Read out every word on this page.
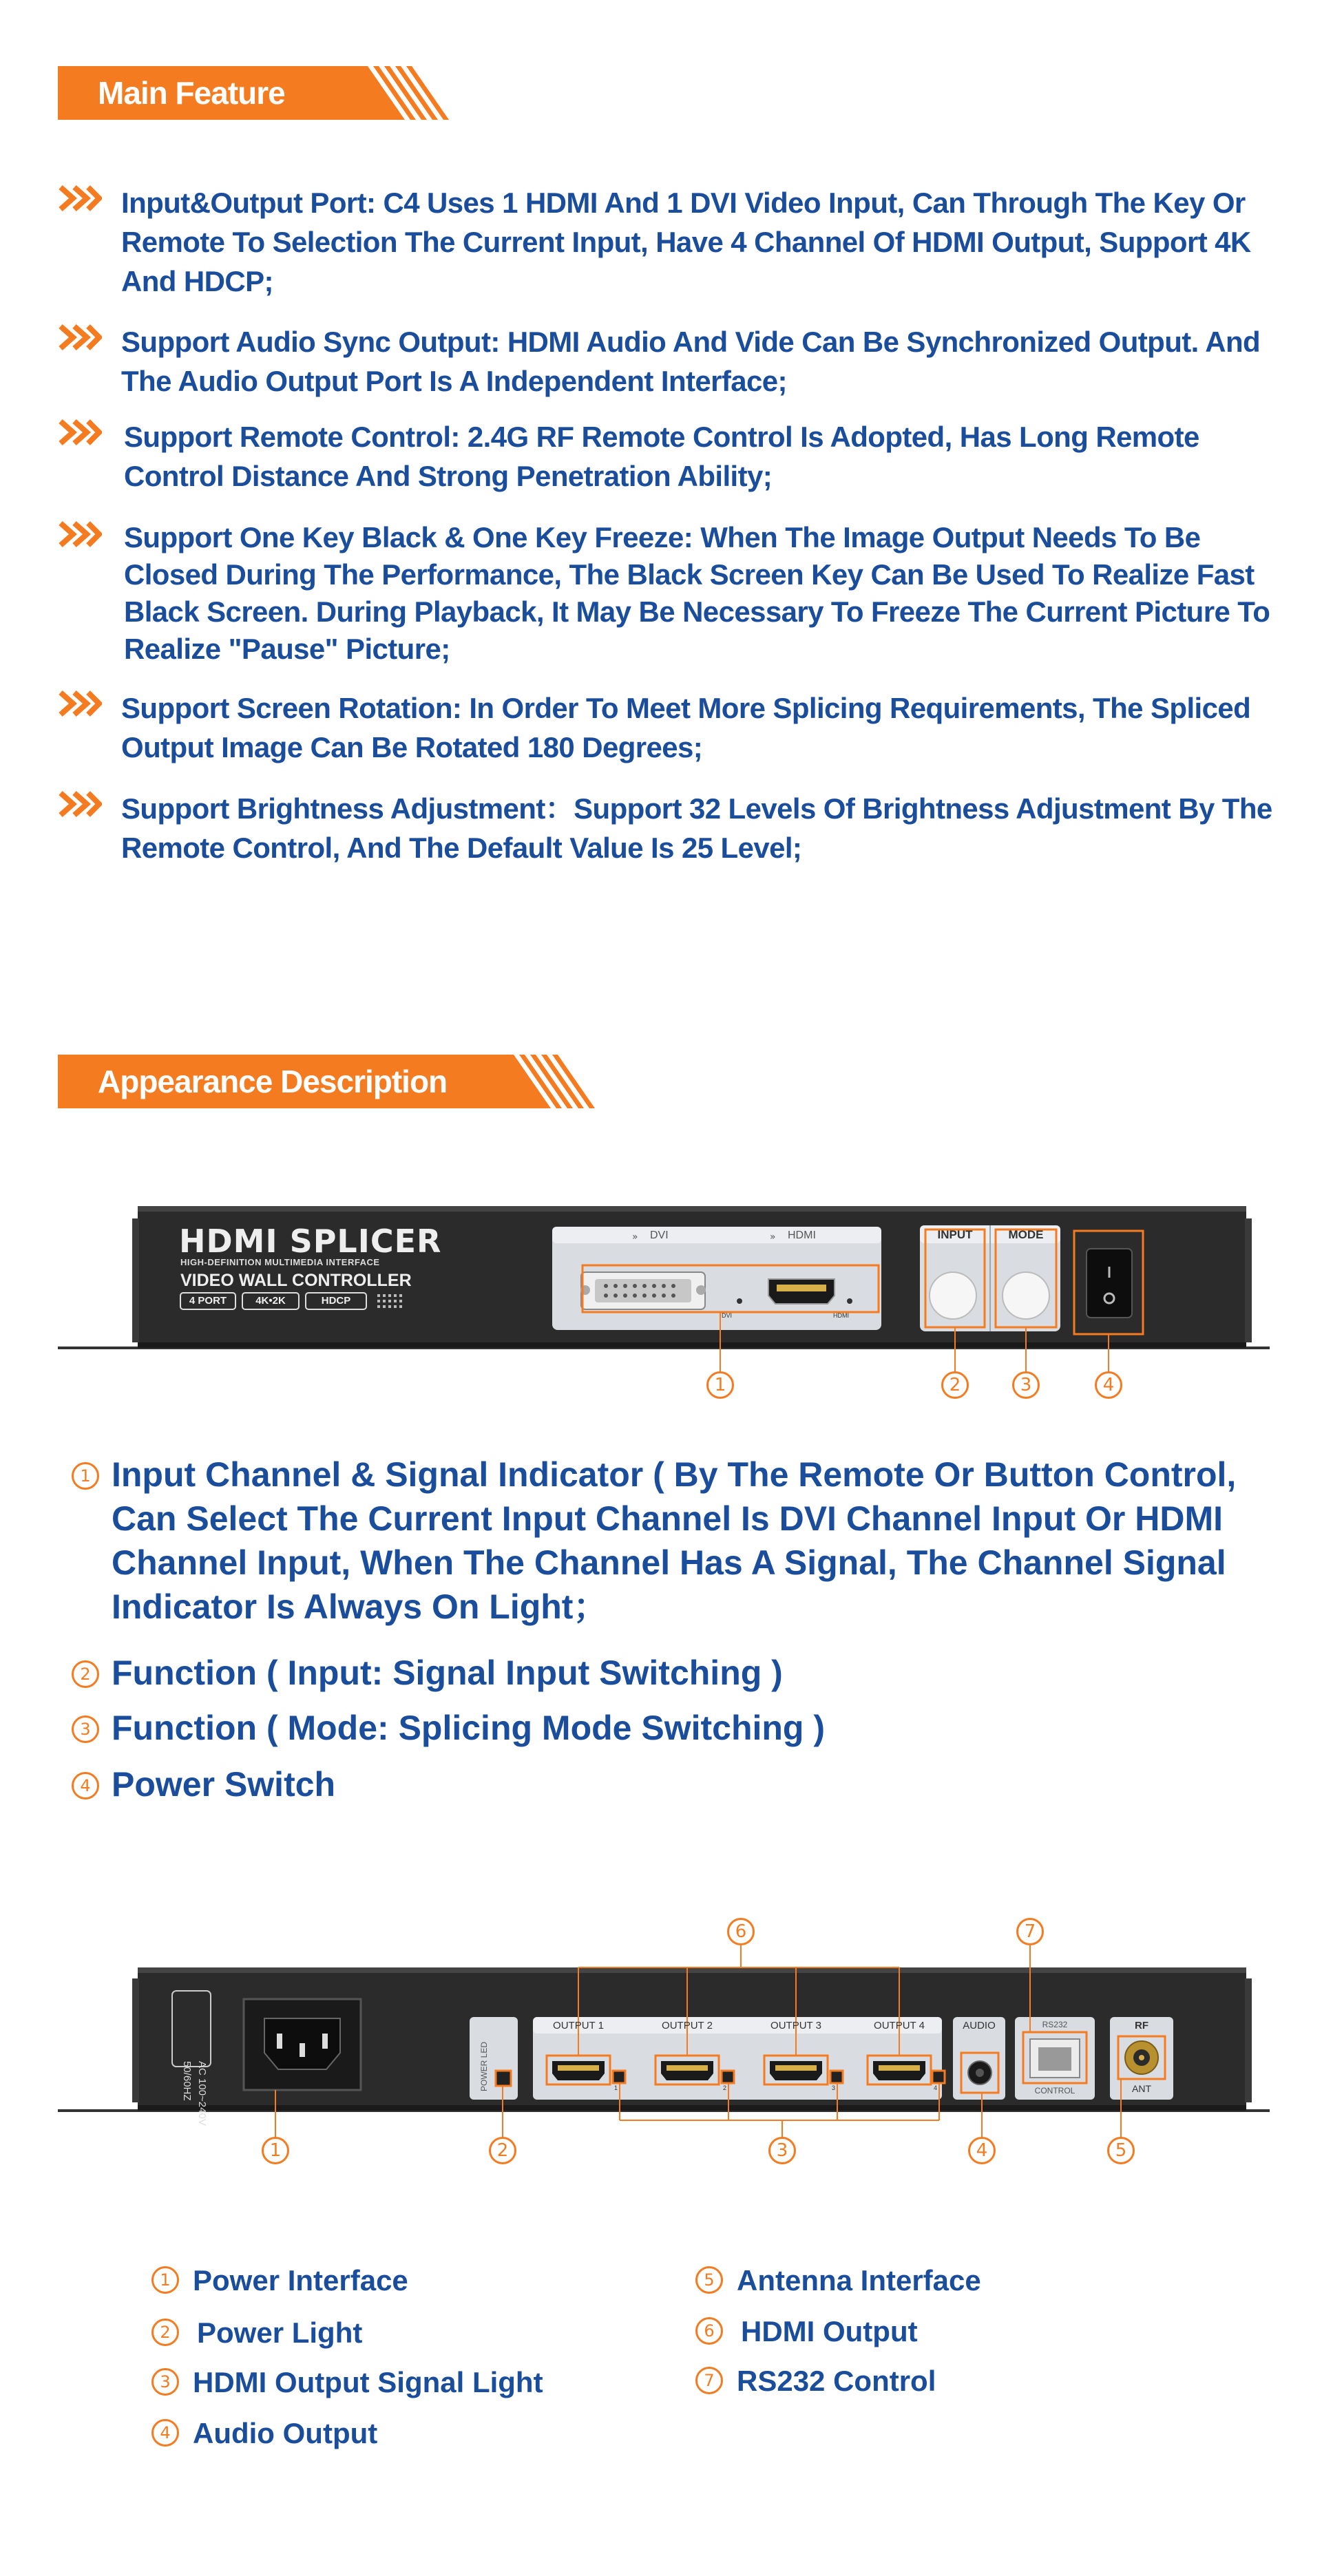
Main Feature
Input&Output Port: C4 Uses 1 HDMI And 1 DVI Video Input, Can Through The Key Or Remote To Selection The Current Input, Have 4 Channel Of HDMI Output, Support 4K And HDCP;
Support Audio Sync Output: HDMI Audio And Vide Can Be Synchronized Output. And The Audio Output Port Is A Independent Interface;
Support Remote Control: 2.4G RF Remote Control Is Adopted, Has Long Remote Control Distance And Strong Penetration Ability;
Support One Key Black & One Key Freeze: When The Image Output Needs To Be Closed During The Performance, The Black Screen Key Can Be Used To Realize Fast Black Screen. During Playback, It May Be Necessary To Freeze The Current Picture To Realize "Pause" Picture;
Support Screen Rotation: In Order To Meet More Splicing Requirements, The Spliced Output Image Can Be Rotated 180 Degrees;
Support Brightness Adjustment：Support 32 Levels Of Brightness Adjustment By The Remote Control, And The Default Value Is 25 Level;
Appearance Description
»	»
HDMI SPLICER
HIGH-DEFINITION MULTIMEDIA INTERFACE
VIDEO WALL CONTROLLER
4 PORT	4K•2K	HDCP
DVI	HDMI
DVI	HDMI
INPUT	MODE
1	2	3	4
1 Input Channel & Signal Indicator ( By The Remote Or Button Control, Can Select The Current Input Channel Is DVI Channel Input Or HDMI Channel Input, When The Channel Has A Signal, The Channel Signal Indicator Is Always On Light；
2 Function ( Input: Signal Input Switching )
3 Function ( Mode: Splicing Mode Switching )
4 Power Switch
AC 100~240V
50/60HZ	POWER LED
OUTPUT 1	OUTPUT 2	OUTPUT 3	OUTPUT 4
1	2	3	4
AUDIO	RS232
CONTROL
RF
ANT
6	7
1	2	3	4	5
1 Power Interface
2 Power Light
3 HDMI Output Signal Light
4 Audio Output
5 Antenna Interface
6 HDMI Output
7 RS232 Control
